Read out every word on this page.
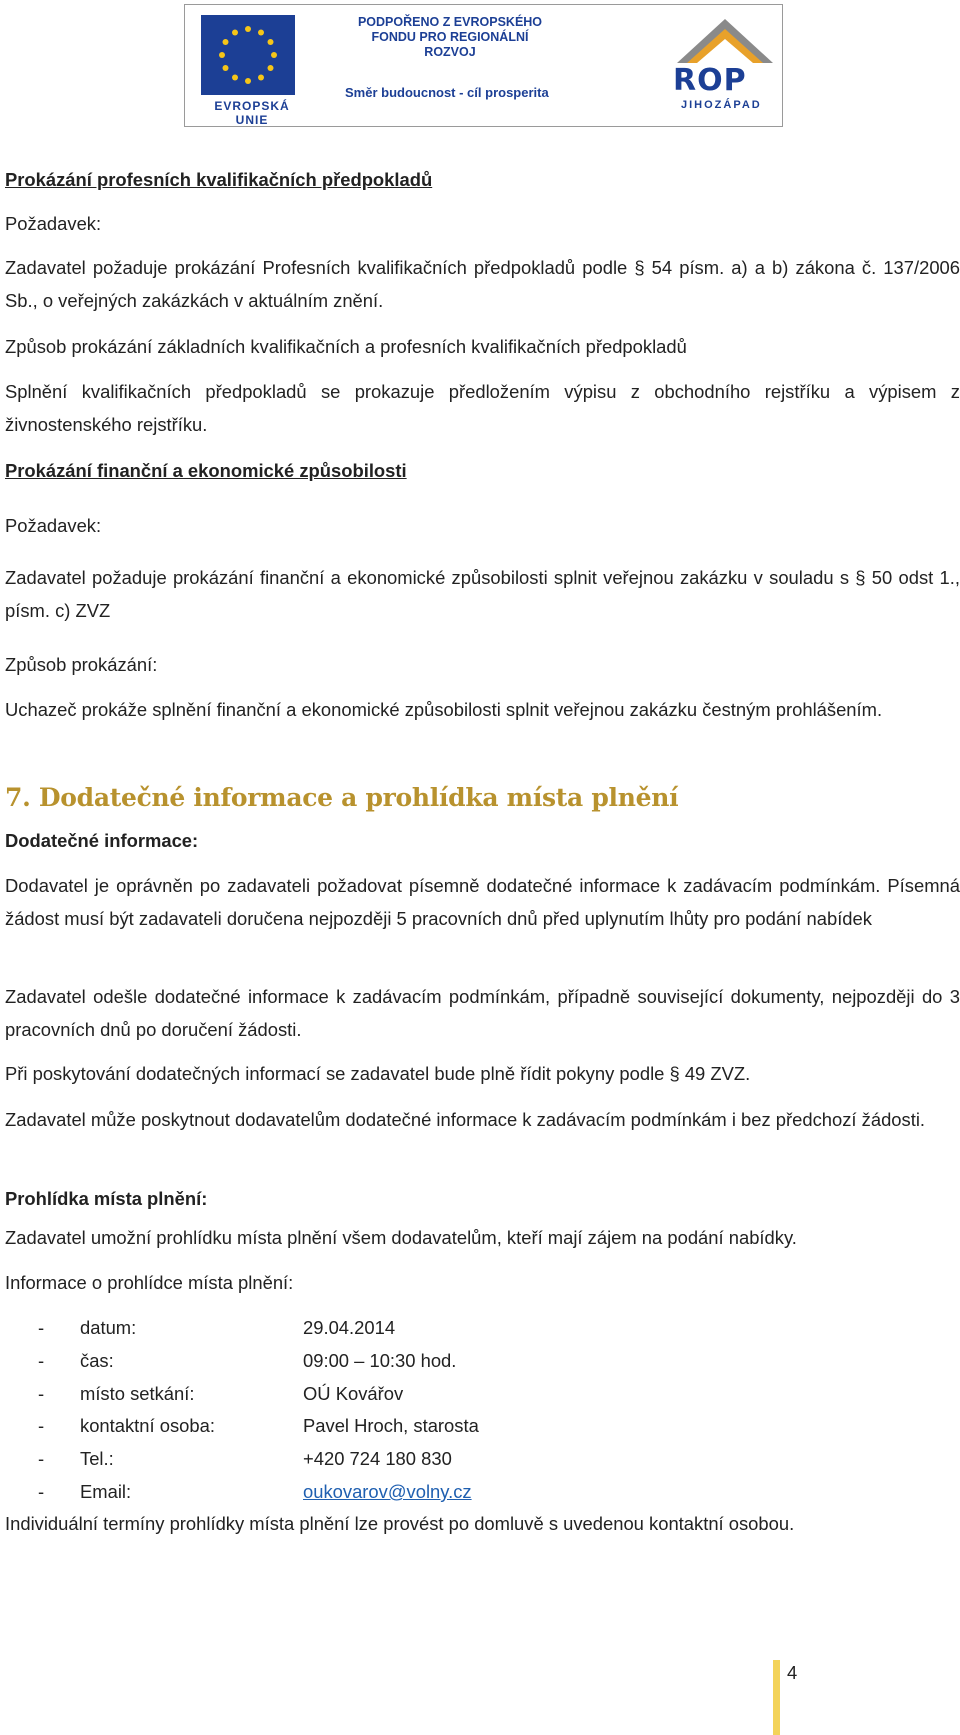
EVROPSKÁ UNIE
PODPOŘENO Z EVROPSKÉHO FONDU PRO REGIONÁLNÍ ROZVOJ
Směr budoucnost - cíl prosperita	ROP
JIHOZÁPAD
Prokázání profesních kvalifikačních předpokladů
Požadavek:
Zadavatel požaduje prokázání Profesních kvalifikačních předpokladů podle § 54 písm. a) a b) zákona č. 137/2006 Sb., o veřejných zakázkách v aktuálním znění.
Způsob prokázání základních kvalifikačních a profesních kvalifikačních předpokladů
Splnění kvalifikačních předpokladů se prokazuje předložením výpisu z obchodního rejstříku a výpisem z živnostenského rejstříku.
Prokázání finanční a ekonomické způsobilosti
Požadavek:
Zadavatel požaduje prokázání finanční a ekonomické způsobilosti splnit veřejnou zakázku v souladu s § 50 odst 1., písm. c) ZVZ
Způsob prokázání:
Uchazeč prokáže splnění finanční a ekonomické způsobilosti splnit veřejnou zakázku čestným prohlášením.
7. Dodatečné informace a prohlídka místa plnění
Dodatečné informace:
Dodavatel je oprávněn po zadavateli požadovat písemně dodatečné informace k zadávacím podmínkám. Písemná žádost musí být zadavateli doručena nejpozději 5 pracovních dnů před uplynutím lhůty pro podání nabídek
Zadavatel odešle dodatečné informace k zadávacím podmínkám, případně související dokumenty, nejpozději do 3 pracovních dnů po doručení žádosti.
Při poskytování dodatečných informací se zadavatel bude plně řídit pokyny podle § 49 ZVZ.
Zadavatel může poskytnout dodavatelům dodatečné informace k zadávacím podmínkám i bez předchozí žádosti.
Prohlídka místa plnění:
Zadavatel umožní prohlídku místa plnění všem dodavatelům, kteří mají zájem na podání nabídky.
Informace o prohlídce místa plnění:
- datum:	29.04.2014
- čas:	09:00 – 10:30 hod.
- místo setkání:	OÚ Kovářov
- kontaktní osoba:	Pavel Hroch, starosta
- Tel.:	+420 724 180 830
- Email:	oukovarov@volny.cz
Individuální termíny prohlídky místa plnění lze provést po domluvě s uvedenou kontaktní osobou.
4
